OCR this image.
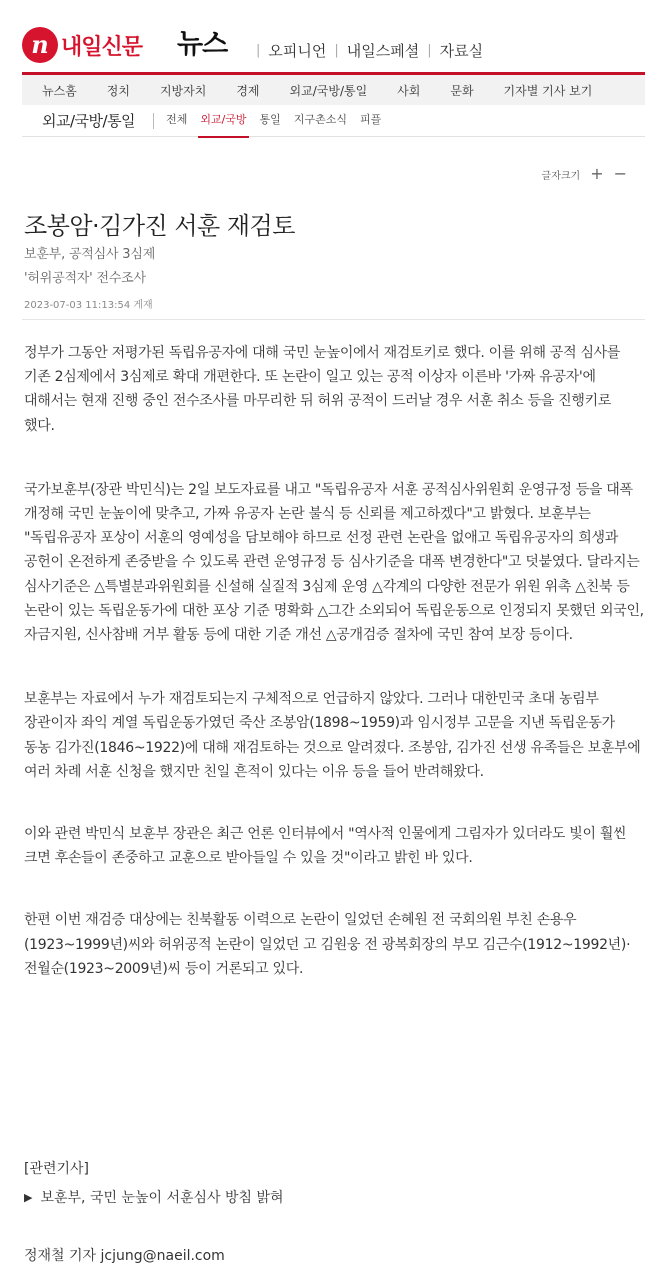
n 내일신문 뉴스 | 오피니언 | 내일스페셜 | 자료실
뉴스홈	정치	지방자치	경제	외교/국방/통일	사회	문화	기자별 기사 보기
외교/국방/통일	전체 외교/국방 통일 지구촌소식 피플
글자크기 + −
조봉암·김가진 서훈 재검토
보훈부, 공적심사 3심제
'허위공적자' 전수조사
2023-07-03 11:13:54 게재

정부가 그동안 저평가된 독립유공자에 대해 국민 눈높이에서 재검토키로 했다. 이를 위해 공적 심사를 기존 2심제에서 3심제로 확대 개편한다. 또 논란이 일고 있는 공적 이상자 이른바 '가짜 유공자'에 대해서는 현재 진행 중인 전수조사를 마무리한 뒤 허위 공적이 드러날 경우 서훈 취소 등을 진행키로 했다.

국가보훈부(장관 박민식)는 2일 보도자료를 내고 "독립유공자 서훈 공적심사위원회 운영규정 등을 대폭 개정해 국민 눈높이에 맞추고, 가짜 유공자 논란 불식 등 신뢰를 제고하겠다"고 밝혔다. 보훈부는 "독립유공자 포상이 서훈의 영예성을 담보해야 하므로 선정 관련 논란을 없애고 독립유공자의 희생과 공헌이 온전하게 존중받을 수 있도록 관련 운영규정 등 심사기준을 대폭 변경한다"고 덧붙였다. 달라지는 심사기준은 △특별분과위원회를 신설해 실질적 3심제 운영 △각계의 다양한 전문가 위원 위촉 △친북 등 논란이 있는 독립운동가에 대한 포상 기준 명확화 △그간 소외되어 독립운동으로 인정되지 못했던 외국인, 자금지원, 신사참배 거부 활동 등에 대한 기준 개선 △공개검증 절차에 국민 참여 보장 등이다.

보훈부는 자료에서 누가 재검토되는지 구체적으로 언급하지 않았다. 그러나 대한민국 초대 농림부 장관이자 좌익 계열 독립운동가였던 죽산 조봉암(1898~1959)과 임시정부 고문을 지낸 독립운동가 동농 김가진(1846~1922)에 대해 재검토하는 것으로 알려졌다. 조봉암, 김가진 선생 유족들은 보훈부에 여러 차례 서훈 신청을 했지만 친일 흔적이 있다는 이유 등을 들어 반려해왔다.

이와 관련 박민식 보훈부 장관은 최근 언론 인터뷰에서 "역사적 인물에게 그림자가 있더라도 빛이 훨씬 크면 후손들이 존중하고 교훈으로 받아들일 수 있을 것"이라고 밝힌 바 있다.

한편 이번 재검증 대상에는 친북활동 이력으로 논란이 일었던 손혜원 전 국회의원 부친 손용우(1923~1999년)씨와 허위공적 논란이 일었던 고 김원웅 전 광복회장의 부모 김근수(1912~1992년)·전월순(1923~2009년)씨 등이 거론되고 있다.

[관련기사]
▶ 보훈부, 국민 눈높이 서훈심사 방침 밝혀
정재철 기자 jcjung@naeil.com
